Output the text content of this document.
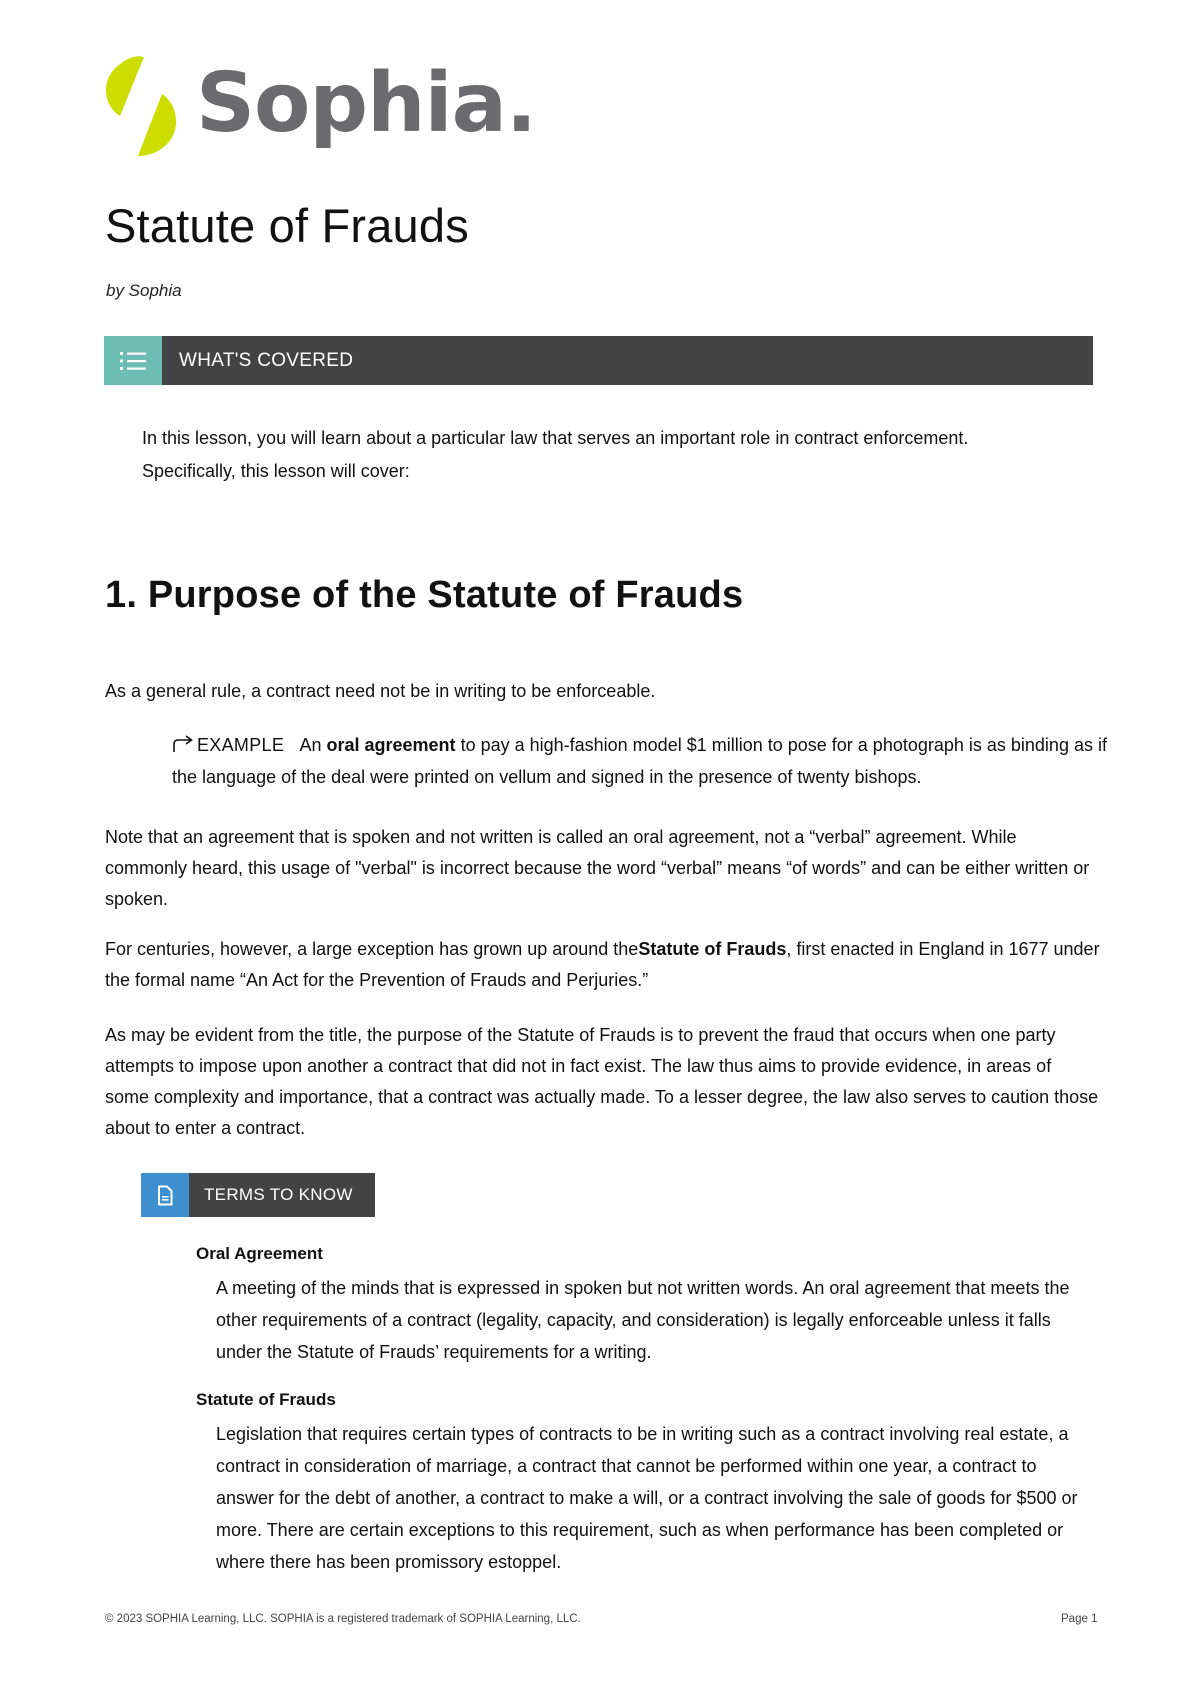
Sophia.
Statute of Frauds
by Sophia
WHAT'S COVERED
In this lesson, you will learn about a particular law that serves an important role in contract enforcement. Specifically, this lesson will cover:
1. Purpose of the Statute of Frauds

As a general rule, a contract need not be in writing to be enforceable.

EXAMPLE An oral agreement to pay a high-fashion model $1 million to pose for a photograph is as binding as if the language of the deal were printed on vellum and signed in the presence of twenty bishops.

Note that an agreement that is spoken and not written is called an oral agreement, not a “verbal” agreement. While commonly heard, this usage of "verbal" is incorrect because the word “verbal” means “of words” and can be either written or spoken.

For centuries, however, a large exception has grown up around theStatute of Frauds, first enacted in England in 1677 under the formal name “An Act for the Prevention of Frauds and Perjuries.”

As may be evident from the title, the purpose of the Statute of Frauds is to prevent the fraud that occurs when one party attempts to impose upon another a contract that did not in fact exist. The law thus aims to provide evidence, in areas of some complexity and importance, that a contract was actually made. To a lesser degree, the law also serves to caution those about to enter a contract.

TERMS TO KNOW
Oral Agreement
A meeting of the minds that is expressed in spoken but not written words. An oral agreement that meets the other requirements of a contract (legality, capacity, and consideration) is legally enforceable unless it falls under the Statute of Frauds’ requirements for a writing.
Statute of Frauds
Legislation that requires certain types of contracts to be in writing such as a contract involving real estate, a contract in consideration of marriage, a contract that cannot be performed within one year, a contract to answer for the debt of another, a contract to make a will, or a contract involving the sale of goods for $500 or more. There are certain exceptions to this requirement, such as when performance has been completed or where there has been promissory estoppel.
© 2023 SOPHIA Learning, LLC. SOPHIA is a registered trademark of SOPHIA Learning, LLC.	Page 1
